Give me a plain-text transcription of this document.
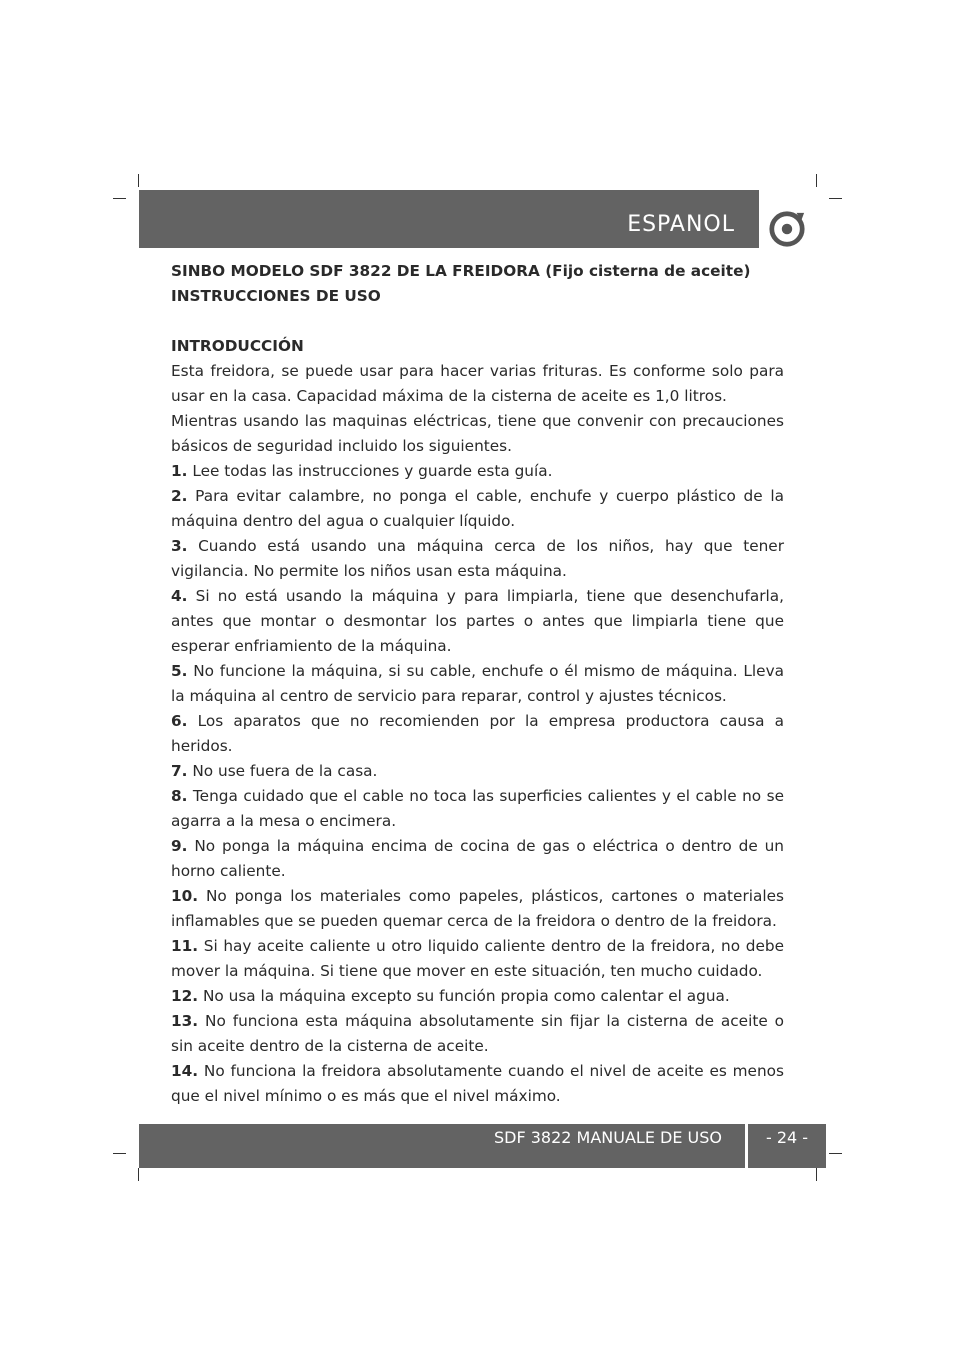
ESPANOL

SINBO MODELO SDF 3822 DE LA FREIDORA (Fijo cisterna de aceite)

INSTRUCCIONES DE USO

INTRODUCCIÓN

Esta freidora, se puede usar para hacer varias frituras. Es conforme solo para usar en la casa. Capacidad máxima de la cisterna de aceite es 1,0 litros.

Mientras usando las maquinas eléctricas, tiene que convenir con precauciones básicos de seguridad incluido los siguientes.

1. Lee todas las instrucciones y guarde esta guía.

2. Para evitar calambre, no ponga el cable, enchufe y cuerpo plástico de la máquina dentro del agua o cualquier líquido.

3. Cuando está usando una máquina cerca de los niños, hay que tener vigilancia. No permite los niños usan esta máquina.

4. Si no está usando la máquina y para limpiarla, tiene que desenchufarla, antes que montar o desmontar los partes o antes que limpiarla tiene que esperar enfriamiento de la máquina.

5. No funcione la máquina, si su cable, enchufe o él mismo de máquina. Lleva la máquina al centro de servicio para reparar, control y ajustes técnicos.

6. Los aparatos que no recomienden por la empresa productora causa a heridos.

7. No use fuera de la casa.

8. Tenga cuidado que el cable no toca las superficies calientes y el cable no se agarra a la mesa o encimera.

9. No ponga la máquina encima de cocina de gas o eléctrica o dentro de un horno caliente.

10. No ponga los materiales como papeles, plásticos, cartones o materiales inflamables que se pueden quemar cerca de la freidora o dentro de la freidora.

11. Si hay aceite caliente u otro liquido caliente dentro de la freidora, no debe mover la máquina. Si tiene que mover en este situación, ten mucho cuidado.

12. No usa la máquina excepto su función propia como calentar el agua.

13. No funciona esta máquina absolutamente sin fijar la cisterna de aceite o sin aceite dentro de la cisterna de aceite.

14. No funciona la freidora absolutamente cuando el nivel de aceite es menos que el nivel mínimo o es más que el nivel máximo.

SDF 3822 MANUALE DE USO	- 24 -
